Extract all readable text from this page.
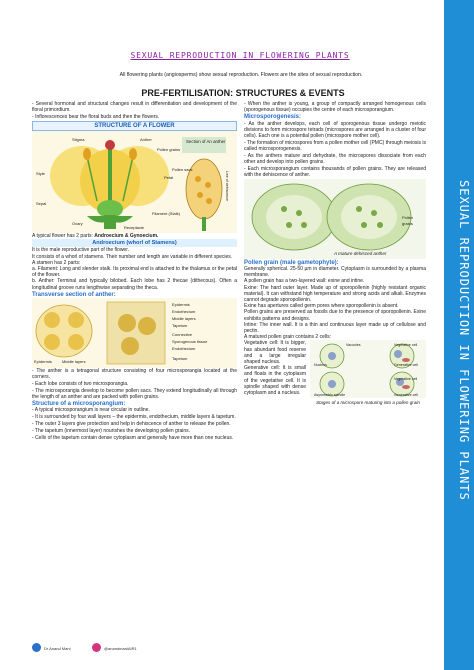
SEXUAL REPRODUCTION IN FLOWERING PLANTS
SEXUAL REPRODUCTION IN FLOWERING PLANTS
All flowering plants (angiosperms) show sexual reproduction. Flowers are the sites of sexual reproduction.
PRE-FERTILISATION: STRUCTURES & EVENTS
- Several hormonal and structural changes result in differentiation and development of the floral primordium.
- Inflorescences bear the floral buds and then the flowers.
STRUCTURE OF A FLOWER
Stigma	Anther
Pollen grains
Style
Petal
Sepal
Ovary
Filament (Stalk)
Receptacle
Section of An anther
Pollen sack
Line of dehiscence
A typical flower has 2 parts: Androecium & Gynoecium.
Androecium (whorl of Stamens)
It is the male reproductive part of the flower.
It consists of a whorl of stamens. Their number and length are variable in different species.
A stamen has 2 parts:
a. Filament: Long and slender stalk. Its proximal end is attached to the thalamus or the petal of the flower.
b. Anther: Terminal and typically bilobed. Each lobe has 2 thecae (dithecous). Often a longitudinal groove runs lengthwise separating the theca.
Transverse section of anther:
Epidermis
Endothecium
Middle layers
Tapetum
Connective
Sporogenous tissue
Endothecium
Epidermis	Middle layers
Tapetum
- The anther is a tetragonal structure consisting of four microsporangia located at the corners.
- Each lobe consists of two microsporangia.
- The microsporangia develop to become pollen sacs. They extend longitudinally all through the length of an anther and are packed with pollen grains.
Structure of a microsporangium:
- A typical microsporangium is near circular in outline.
- It is surrounded by four wall layers – the epidermis, endothecium, middle layers & tapetum.
- The outer 3 layers give protection and help in dehiscence of anther to release the pollen.
- The tapetum (innermost layer) nourishes the developing pollen grains.
- Cells of the tapetum contain dense cytoplasm and generally have more than one nucleus.
- When the anther is young, a group of compactly arranged homogenous cells (sporogenous tissue) occupies the centre of each microsporangium.
Microsporogenesis:
- As the anther develops, each cell of sporogenous tissue undergo meiotic divisions to form microspore tetrads (microspores are arranged in a cluster of four cells). Each one is a potential pollen (microspore mother cell).
- The formation of microspores from a pollen mother cell (PMC) through meiosis is called microsporogenesis.
- As the anthers mature and dehydrate, the microspores dissociate from each other and develop into pollen grains.
- Each microsporangium contains thousands of pollen grains. They are released with the dehiscence of anther.
Pollen grains
A mature dehisced anther
Pollen grain (male gametophyte):
Generally spherical. 25-50 µm in diameter. Cytoplasm is surrounded by a plasma membrane.
A pollen grain has a two-layered wall: exine and intine.
Exine: The hard outer layer. Made up of sporopollenin (highly resistant organic material). It can withstand high temperature and strong acids and alkali. Enzymes cannot degrade sporopollenin.
Exine has apertures called germ pores where sporopollenin is absent.
Pollen grains are preserved as fossils due to the presence of sporopollenin. Exine exhibits patterns and designs.
Intine: The inner wall. It is a thin and continuous layer made up of cellulose and pectin.
A matured pollen grain contains 2 cells:
Vegetative cell: It is bigger, has abundant food reserve and a large irregular shaped nucleus.
Generative cell: It is small and floats in the cytoplasm of the vegetative cell. It is spindle shaped with dense cytoplasm and a nucleus.
Vacuoles
Nucleus
Vegetative cell
Generative cell
Asymmetric spindle
Vegetative cell
Generative cell
Stages of a microspore maturing into a pollen grain
Dr Anand Mani	@anandmaniAIR1
